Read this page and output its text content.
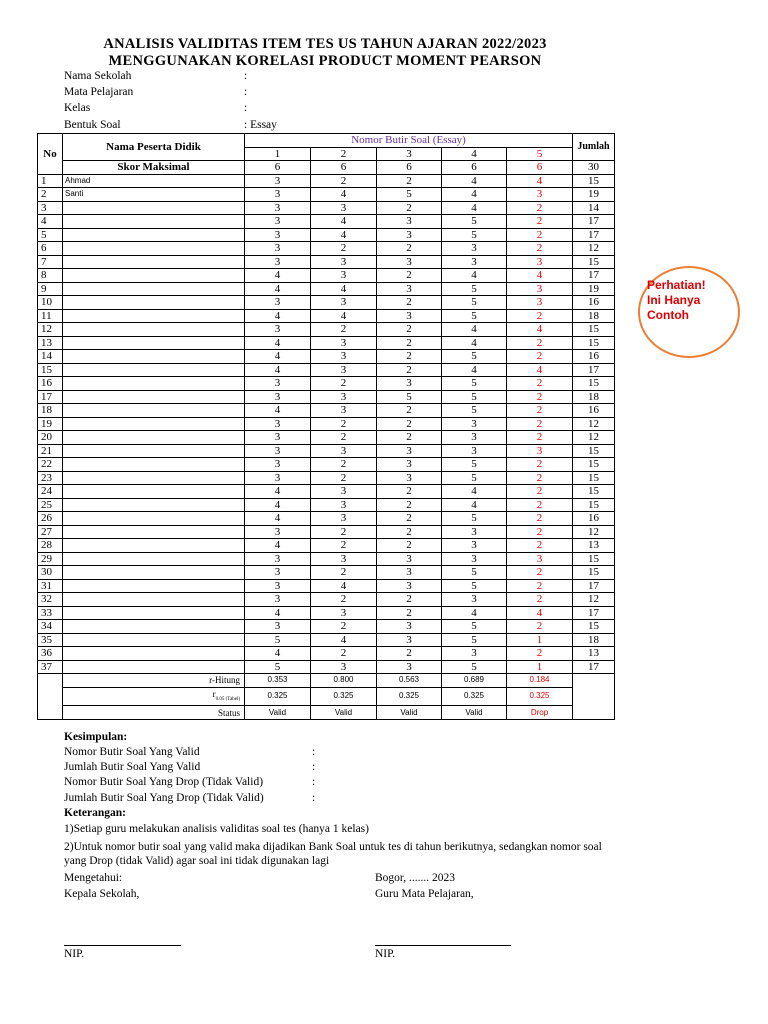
ANALISIS VALIDITAS ITEM TES US TAHUN AJARAN 2022/2023
MENGGUNAKAN KORELASI PRODUCT MOMENT PEARSON
Nama Sekolah	:
Mata Pelajaran	:
Kelas	:
Bentuk Soal	: Essay
No	Nama Peserta Didik	Nomor Butir Soal (Essay)					Jumlah
		1	2	3	4	5	
	Skor Maksimal	6	6	6	6	6	30
1	Ahmad	3	2	2	4	4	15
2	Santi	3	4	5	4	3	19
3		3	3	2	4	2	14
4		3	4	3	5	2	17
5		3	4	3	5	2	17
6		3	2	2	3	2	12
7		3	3	3	3	3	15
8		4	3	2	4	4	17
9		4	4	3	5	3	19
10		3	3	2	5	3	16
11		4	4	3	5	2	18
12		3	2	2	4	4	15
13		4	3	2	4	2	15
14		4	3	2	5	2	16
15		4	3	2	4	4	17
16		3	2	3	5	2	15
17		3	3	5	5	2	18
18		4	3	2	5	2	16
19		3	2	2	3	2	12
20		3	2	2	3	2	12
21		3	3	3	3	3	15
22		3	2	3	5	2	15
23		3	2	3	5	2	15
24		4	3	2	4	2	15
25		4	3	2	4	2	15
26		4	3	2	5	2	16
27		3	2	2	3	2	12
28		4	2	2	3	2	13
29		3	3	3	3	3	15
30		3	2	3	5	2	15
31		3	4	3	5	2	17
32		3	2	2	3	2	12
33		4	3	2	4	4	17
34		3	2	3	5	2	15
35		5	4	3	5	1	18
36		4	2	2	3	2	13
37		5	3	3	5	1	17
	r-Hitung	0.353	0.800	0.563	0.689	0.184	
	$r_{0.05 (Tabel)}$	0.325	0.325	0.325	0.325	0.325	
	Status	Valid	Valid	Valid	Valid	Drop	
Perhatian!
Ini Hanya
Contoh
Kesimpulan:
Nomor Butir Soal Yang Valid	:
Jumlah Butir Soal Yang Valid	:
Nomor Butir Soal Yang Drop (Tidak Valid)	:
Jumlah Butir Soal Yang Drop (Tidak Valid)	:
Keterangan:
1)Setiap guru melakukan analisis validitas soal tes (hanya 1 kelas)
2)Untuk nomor butir soal yang valid maka dijadikan Bank Soal untuk tes di tahun berikutnya, sedangkan nomor soal
yang Drop (tidak Valid) agar soal ini tidak digunakan lagi
Mengetahui:
Kepala Sekolah,
Bogor, ....... 2023
Guru Mata Pelajaran,
NIP.	NIP.
